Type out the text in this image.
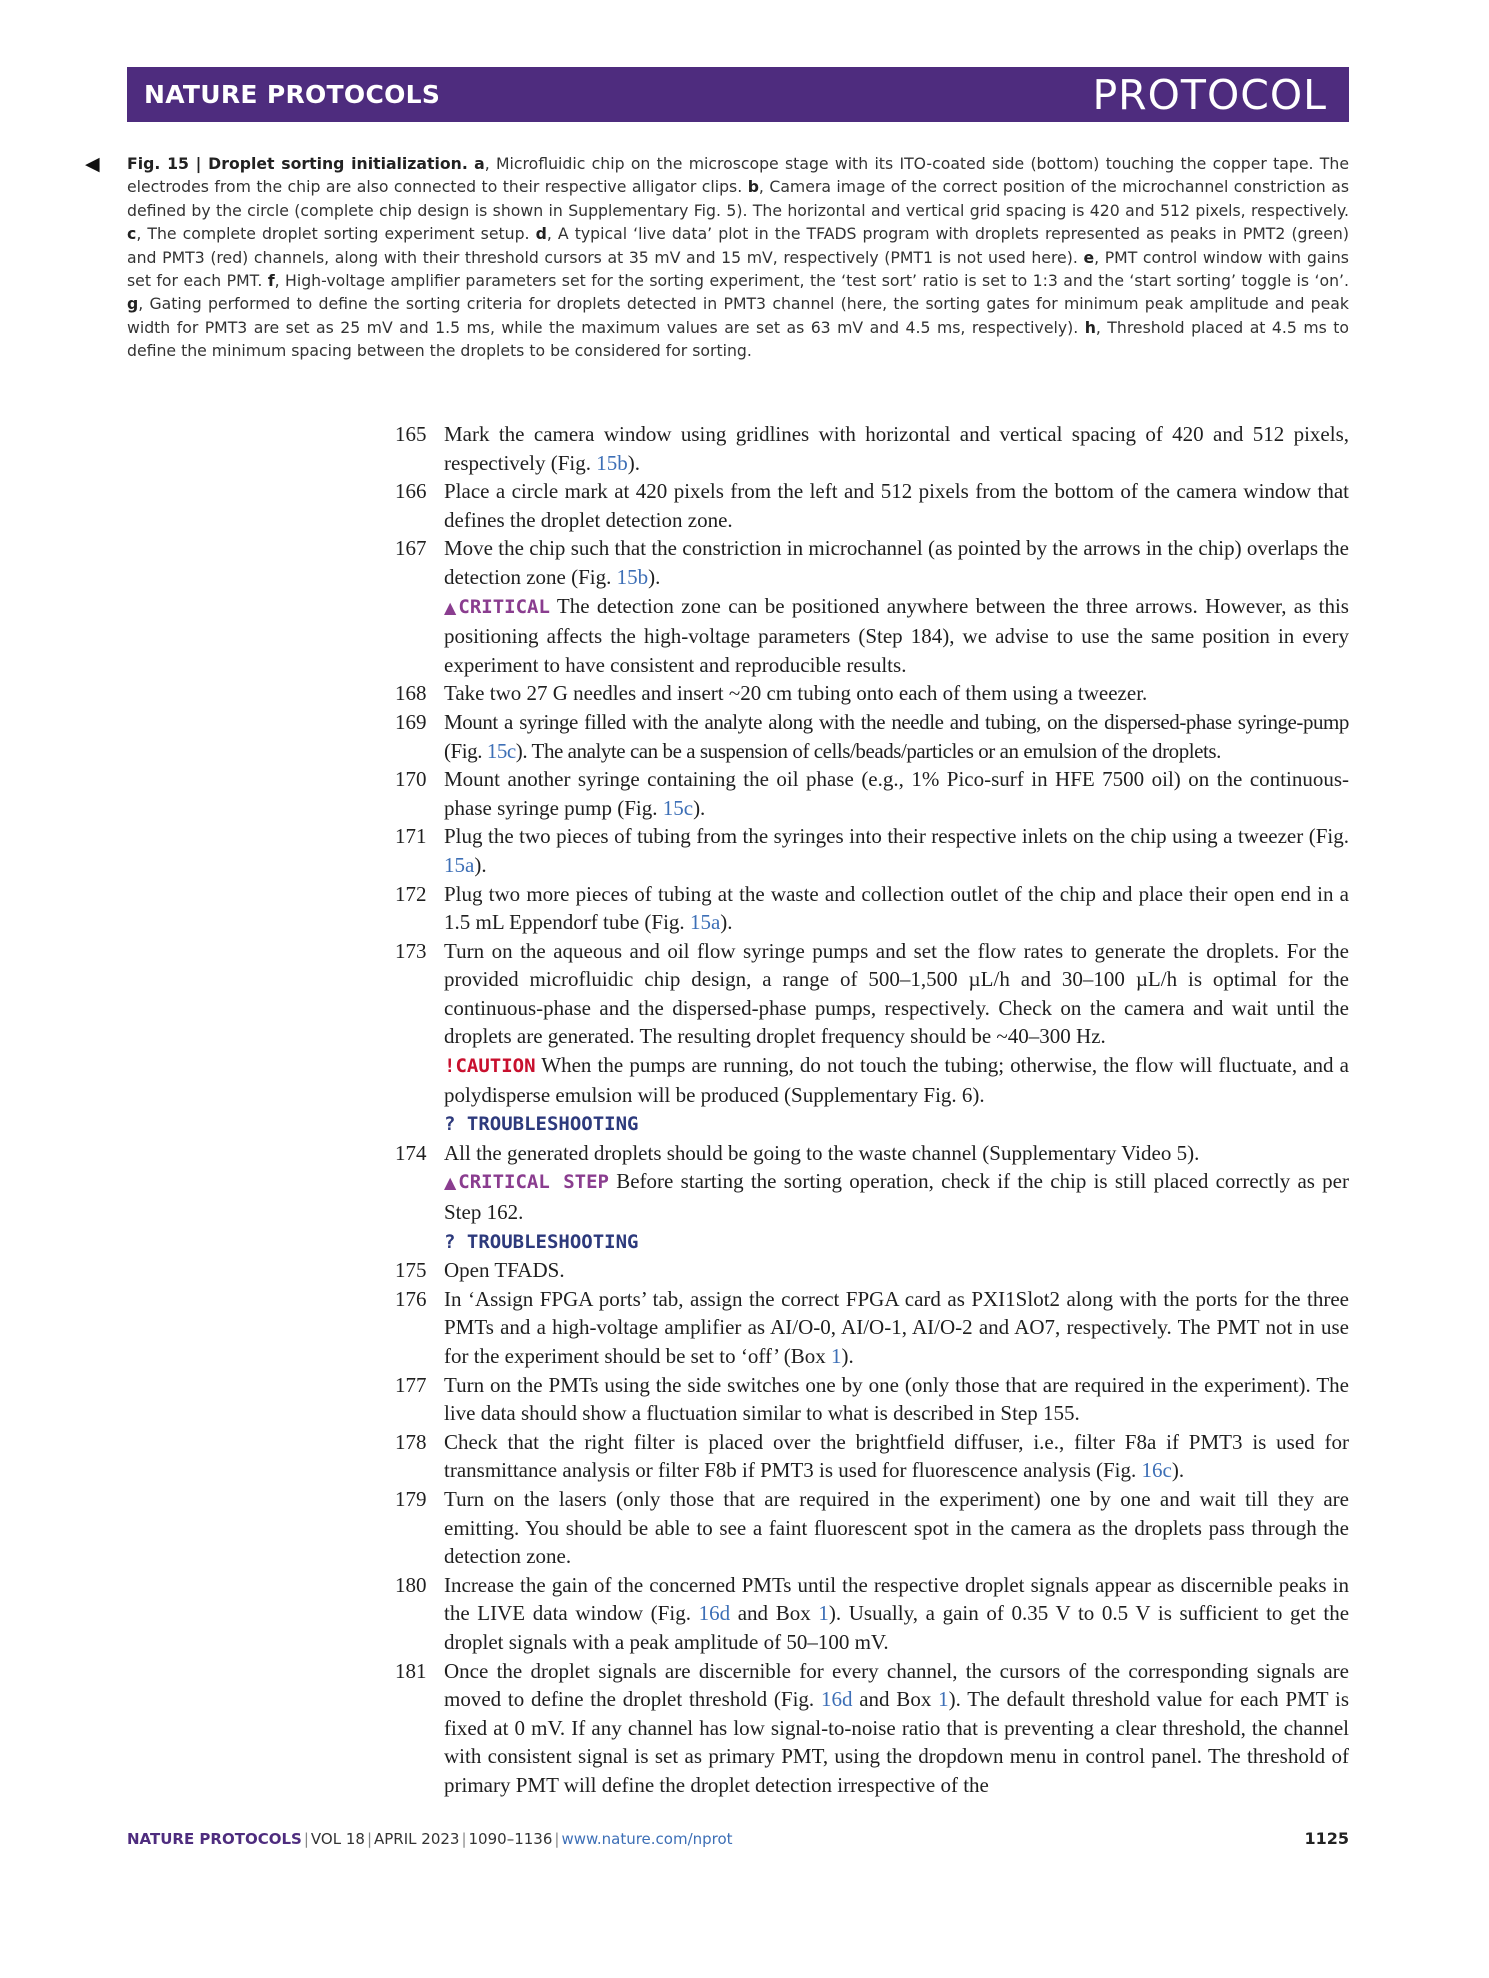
NATURE PROTOCOLS	PROTOCOL
◀ Fig. 15 | Droplet sorting initialization. a, Microfluidic chip on the microscope stage with its ITO-coated side (bottom) touching the copper tape. The electrodes from the chip are also connected to their respective alligator clips. b, Camera image of the correct position of the microchannel constriction as defined by the circle (complete chip design is shown in Supplementary Fig. 5). The horizontal and vertical grid spacing is 420 and 512 pixels, respectively. c, The complete droplet sorting experiment setup. d, A typical ‘live data’ plot in the TFADS program with droplets represented as peaks in PMT2 (green) and PMT3 (red) channels, along with their threshold cursors at 35 mV and 15 mV, respectively (PMT1 is not used here). e, PMT control window with gains set for each PMT. f, High-voltage amplifier parameters set for the sorting experiment, the ‘test sort’ ratio is set to 1:3 and the ‘start sorting’ toggle is ‘on’. g, Gating performed to define the sorting criteria for droplets detected in PMT3 channel (here, the sorting gates for minimum peak amplitude and peak width for PMT3 are set as 25 mV and 1.5 ms, while the maximum values are set as 63 mV and 4.5 ms, respectively). h, Threshold placed at 4.5 ms to define the minimum spacing between the droplets to be considered for sorting.
165 Mark the camera window using gridlines with horizontal and vertical spacing of 420 and 512 pixels, respectively (Fig. 15b).
166 Place a circle mark at 420 pixels from the left and 512 pixels from the bottom of the camera window that defines the droplet detection zone.
167 Move the chip such that the constriction in microchannel (as pointed by the arrows in the chip) overlaps the detection zone (Fig. 15b).
▲CRITICAL The detection zone can be positioned anywhere between the three arrows. However, as this positioning affects the high-voltage parameters (Step 184), we advise to use the same position in every experiment to have consistent and reproducible results.
168 Take two 27 G needles and insert ~20 cm tubing onto each of them using a tweezer.
169 Mount a syringe filled with the analyte along with the needle and tubing, on the dispersed-phase syringe-pump (Fig. 15c). The analyte can be a suspension of cells/beads/particles or an emulsion of the droplets.
170 Mount another syringe containing the oil phase (e.g., 1% Pico-surf in HFE 7500 oil) on the continuous-phase syringe pump (Fig. 15c).
171 Plug the two pieces of tubing from the syringes into their respective inlets on the chip using a tweezer (Fig. 15a).
172 Plug two more pieces of tubing at the waste and collection outlet of the chip and place their open end in a 1.5 mL Eppendorf tube (Fig. 15a).
173 Turn on the aqueous and oil flow syringe pumps and set the flow rates to generate the droplets. For the provided microfluidic chip design, a range of 500–1,500 µL/h and 30–100 µL/h is optimal for the continuous-phase and the dispersed-phase pumps, respectively. Check on the camera and wait until the droplets are generated. The resulting droplet frequency should be ~40–300 Hz.
!CAUTION When the pumps are running, do not touch the tubing; otherwise, the flow will fluctuate, and a polydisperse emulsion will be produced (Supplementary Fig. 6).
? TROUBLESHOOTING
174 All the generated droplets should be going to the waste channel (Supplementary Video 5).
▲CRITICAL STEP Before starting the sorting operation, check if the chip is still placed correctly as per Step 162.
? TROUBLESHOOTING
175 Open TFADS.
176 In ‘Assign FPGA ports’ tab, assign the correct FPGA card as PXI1Slot2 along with the ports for the three PMTs and a high-voltage amplifier as AI/O-0, AI/O-1, AI/O-2 and AO7, respectively. The PMT not in use for the experiment should be set to ‘off’ (Box 1).
177 Turn on the PMTs using the side switches one by one (only those that are required in the experiment). The live data should show a fluctuation similar to what is described in Step 155.
178 Check that the right filter is placed over the brightfield diffuser, i.e., filter F8a if PMT3 is used for transmittance analysis or filter F8b if PMT3 is used for fluorescence analysis (Fig. 16c).
179 Turn on the lasers (only those that are required in the experiment) one by one and wait till they are emitting. You should be able to see a faint fluorescent spot in the camera as the droplets pass through the detection zone.
180 Increase the gain of the concerned PMTs until the respective droplet signals appear as discernible peaks in the LIVE data window (Fig. 16d and Box 1). Usually, a gain of 0.35 V to 0.5 V is sufficient to get the droplet signals with a peak amplitude of 50–100 mV.
181 Once the droplet signals are discernible for every channel, the cursors of the corresponding signals are moved to define the droplet threshold (Fig. 16d and Box 1). The default threshold value for each PMT is fixed at 0 mV. If any channel has low signal-to-noise ratio that is preventing a clear threshold, the channel with consistent signal is set as primary PMT, using the dropdown menu in control panel. The threshold of primary PMT will define the droplet detection irrespective of the
NATURE PROTOCOLS | VOL 18 | APRIL 2023 | 1090–1136 | www.nature.com/nprot	1125
